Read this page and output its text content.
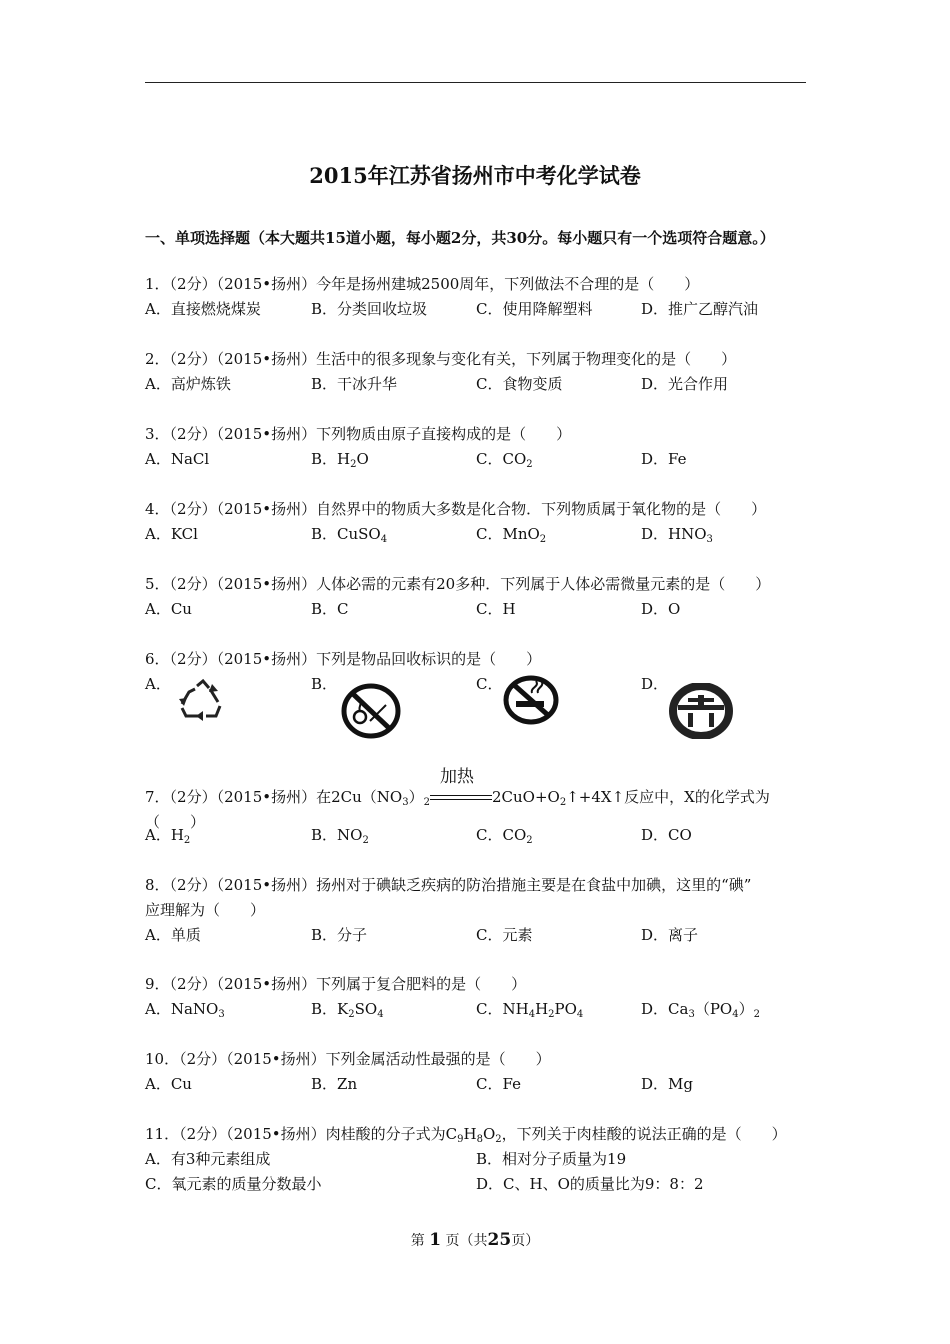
2015年江苏省扬州市中考化学试卷
一、单项选择题（本大题共15道小题，每小题2分，共30分。每小题只有一个选项符合题意。）
1．（2分）（2015•扬州）今年是扬州建城2500周年，下列做法不合理的是（　　）
A．直接燃烧煤炭	B．分类回收垃圾	C．使用降解塑料	D．推广乙醇汽油
2．（2分）（2015•扬州）生活中的很多现象与变化有关，下列属于物理变化的是（　　）
A．高炉炼铁	B．干冰升华	C．食物变质	D．光合作用
3．（2分）（2015•扬州）下列物质由原子直接构成的是（　　）
A．NaCl	B．$H_2O$	C．$CO_2$	D．Fe
4．（2分）（2015•扬州）自然界中的物质大多数是化合物．下列物质属于氧化物的是（　　）
A．KCl	B．CuSO$_4$	C．MnO$_2$	D．$HNO_3$
5．（2分）（2015•扬州）人体必需的元素有20多种．下列属于人体必需微量元素的是（　　）
A．Cu	B．C	C．H	D．O
6．（2分）（2015•扬州）下列是物品回收标识的是（　　）
A．	B．	C．	D．
7．（2分）（2015•扬州）在$2Cu(NO_3)_2$
加热
$2CuO+O_2↑+4X↑$反应中，X的化学式为（　　）
A．$H_2$	B．$NO_2$	C．$CO_2$	D．CO
8．（2分）（2015•扬州）扬州对于碘缺乏疾病的防治措施主要是在食盐中加碘，这里的“碘”
应理解为（　　）
A．单质	B．分子	C．元素	D．离子
9．（2分）（2015•扬州）下列属于复合肥料的是（　　）
A．NaNO$_3$	B．$K_2SO_4$	C．$NH_4H_2PO_4$	D．$Ca_3(PO_4)_2$
10．（2分）（2015•扬州）下列金属活动性最强的是（　　）
A．Cu	B．Zn	C．Fe	D．Mg
11．（2分）（2015•扬州）肉桂酸的分子式为$C_9H_8O_2$，下列关于肉桂酸的说法正确的是（　　）
A．有3种元素组成	B．相对分子质量为19
C．氧元素的质量分数最小	D．C、H、O的质量比为9：8：2
第 1 页（共25页）
